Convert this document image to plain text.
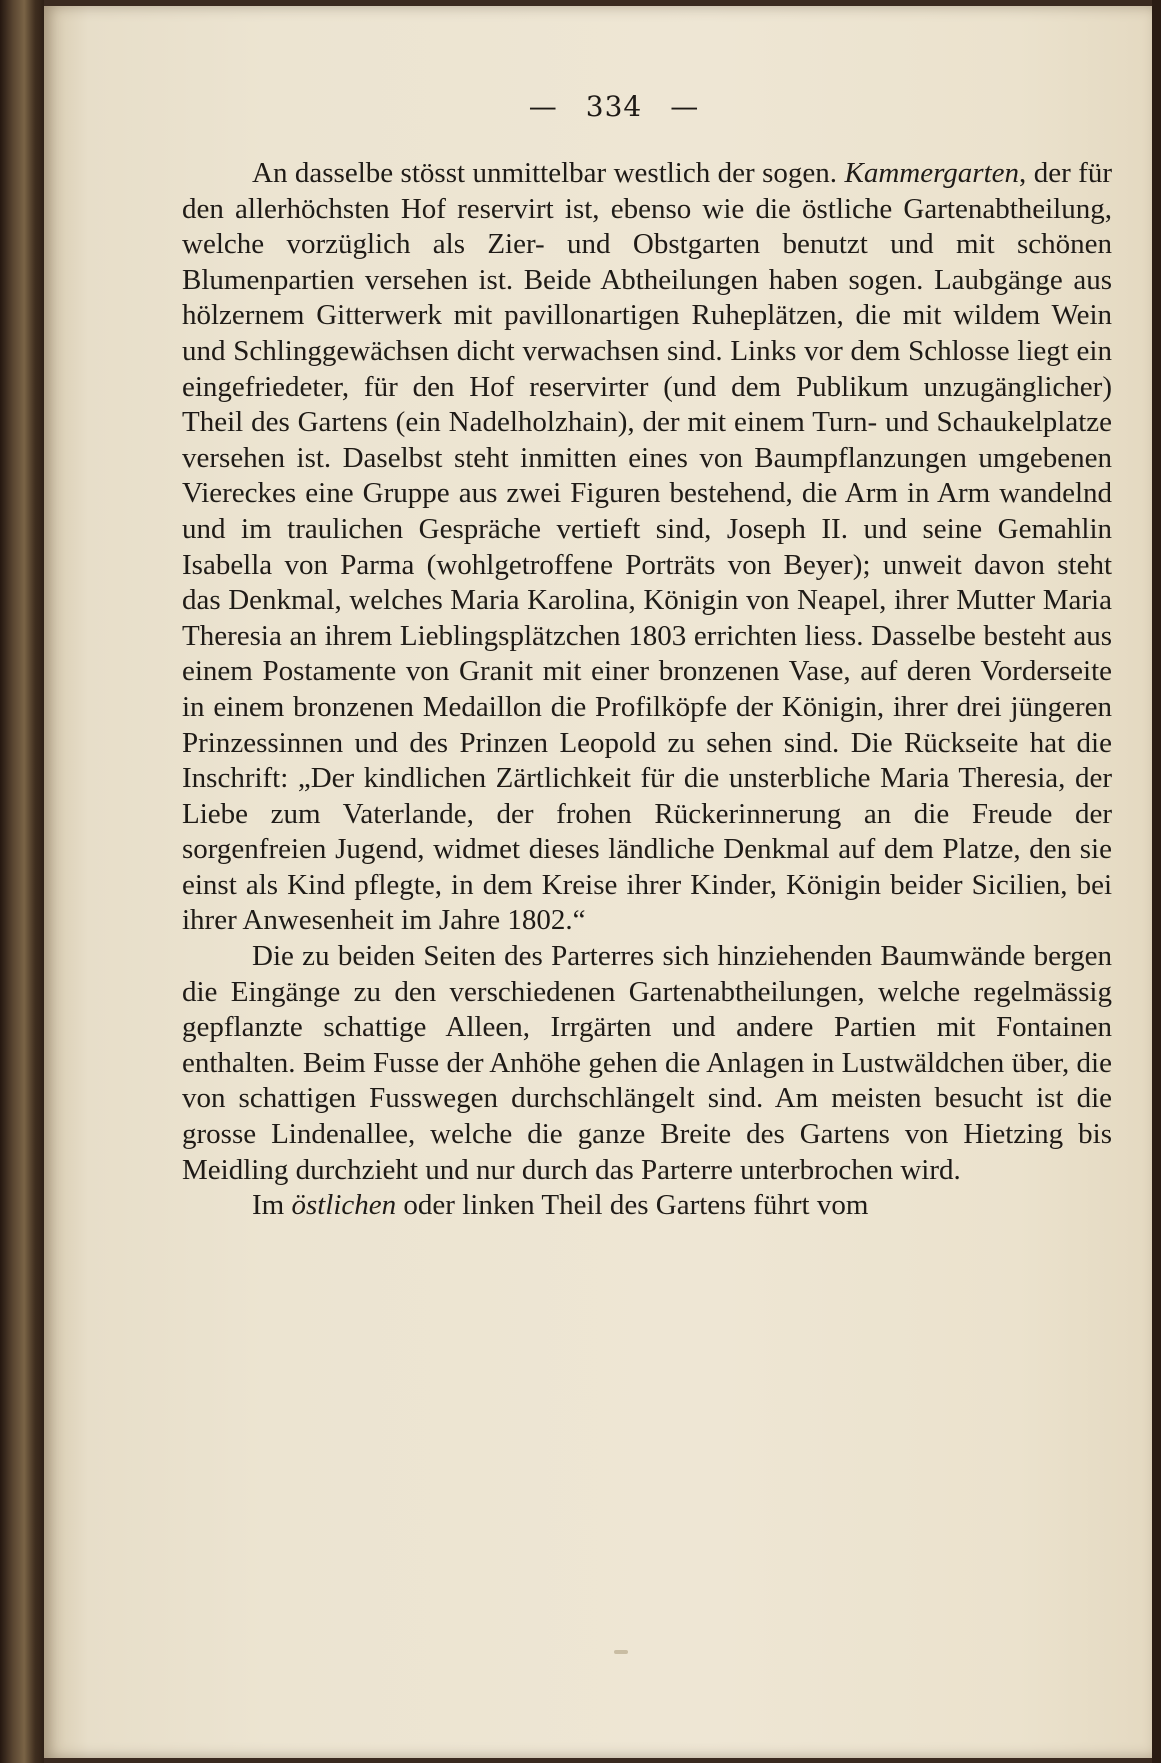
— 334 —

An dasselbe stösst unmittelbar westlich der sogen. Kammergarten, der für den allerhöchsten Hof reservirt ist, ebenso wie die östliche Gartenabtheilung, welche vorzüglich als Zier- und Obstgarten benutzt und mit schönen Blumenpartien versehen ist. Beide Abtheilungen haben sogen. Laubgänge aus hölzernem Gitterwerk mit pavillonartigen Ruheplätzen, die mit wildem Wein und Schlinggewächsen dicht verwachsen sind. Links vor dem Schlosse liegt ein eingefriedeter, für den Hof reservirter (und dem Publikum unzugänglicher) Theil des Gartens (ein Nadelholzhain), der mit einem Turn- und Schaukelplatze versehen ist. Daselbst steht inmitten eines von Baumpflanzungen umgebenen Viereckes eine Gruppe aus zwei Figuren bestehend, die Arm in Arm wandelnd und im traulichen Gespräche vertieft sind, Joseph II. und seine Gemahlin Isabella von Parma (wohlgetroffene Porträts von Beyer); unweit davon steht das Denkmal, welches Maria Karolina, Königin von Neapel, ihrer Mutter Maria Theresia an ihrem Lieblingsplätzchen 1803 errichten liess. Dasselbe besteht aus einem Postamente von Granit mit einer bronzenen Vase, auf deren Vorderseite in einem bronzenen Medaillon die Profilköpfe der Königin, ihrer drei jüngeren Prinzessinnen und des Prinzen Leopold zu sehen sind. Die Rückseite hat die Inschrift: „Der kindlichen Zärtlichkeit für die unsterbliche Maria Theresia, der Liebe zum Vaterlande, der frohen Rückerinnerung an die Freude der sorgenfreien Jugend, widmet dieses ländliche Denkmal auf dem Platze, den sie einst als Kind pflegte, in dem Kreise ihrer Kinder, Königin beider Sicilien, bei ihrer Anwesenheit im Jahre 1802.“

Die zu beiden Seiten des Parterres sich hinziehenden Baumwände bergen die Eingänge zu den verschiedenen Gartenabtheilungen, welche regelmässig gepflanzte schattige Alleen, Irrgärten und andere Partien mit Fontainen enthalten. Beim Fusse der Anhöhe gehen die Anlagen in Lustwäldchen über, die von schattigen Fusswegen durchschlängelt sind. Am meisten besucht ist die grosse Lindenallee, welche die ganze Breite des Gartens von Hietzing bis Meidling durchzieht und nur durch das Parterre unterbrochen wird.

Im östlichen oder linken Theil des Gartens führt vom
